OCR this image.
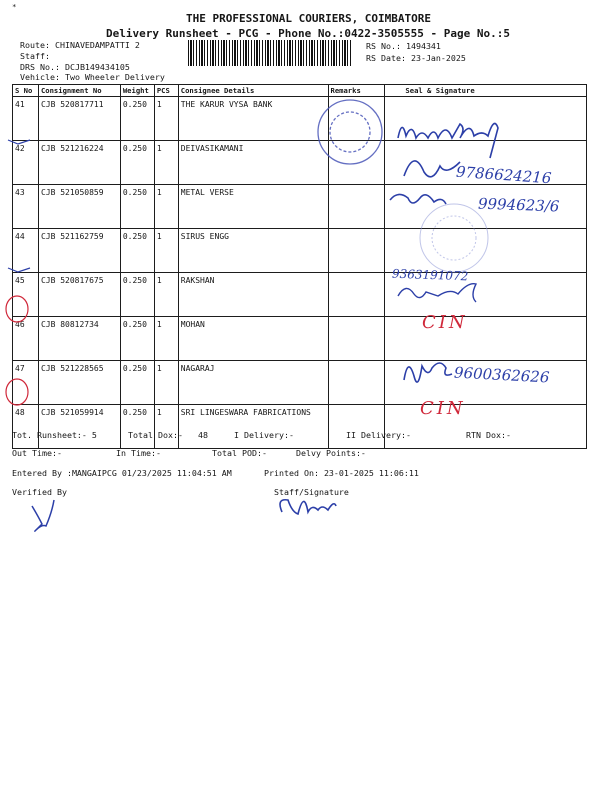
*
THE PROFESSIONAL COURIERS, COIMBATORE
Delivery Runsheet - PCG - Phone No.:0422-3505555 - Page No.:5
Route: CHINAVEDAMPATTI 2
Staff:
DRS No.: DCJB149434105
Vehicle: Two Wheeler Delivery
RS No.: 1494341
RS Date: 23-Jan-2025
S No	Consignment No	Weight	PCS	Consignee Details	Remarks	Seal & Signature
41	CJB 520817711	0.250	1	THE KARUR VYSA BANK		
42	CJB 521216224	0.250	1	DEIVASIKAMANI		
43	CJB 521050859	0.250	1	METAL VERSE		
44	CJB 521162759	0.250	1	SIRUS ENGG		
45	CJB 520817675	0.250	1	RAKSHAN		
46	CJB 80812734	0.250	1	MOHAN		
47	CJB 521228565	0.250	1	NAGARAJ		
48	CJB 521059914	0.250	1	SRI LINGESWARA FABRICATIONS		
9786624216
9994623/6
9363191072
9600362626
CIN
CIN
Tot. Runsheet:- 5	Total Dox:- 48	I Delivery:-	II Delivery:-	RTN Dox:-
Out Time:-	In Time:-	Total POD:-	Delvy Points:-
Entered By :MANGAIPCG 01/23/2025 11:04:51 AM	Printed On: 23-01-2025 11:06:11
Verified By	Staff/Signature
